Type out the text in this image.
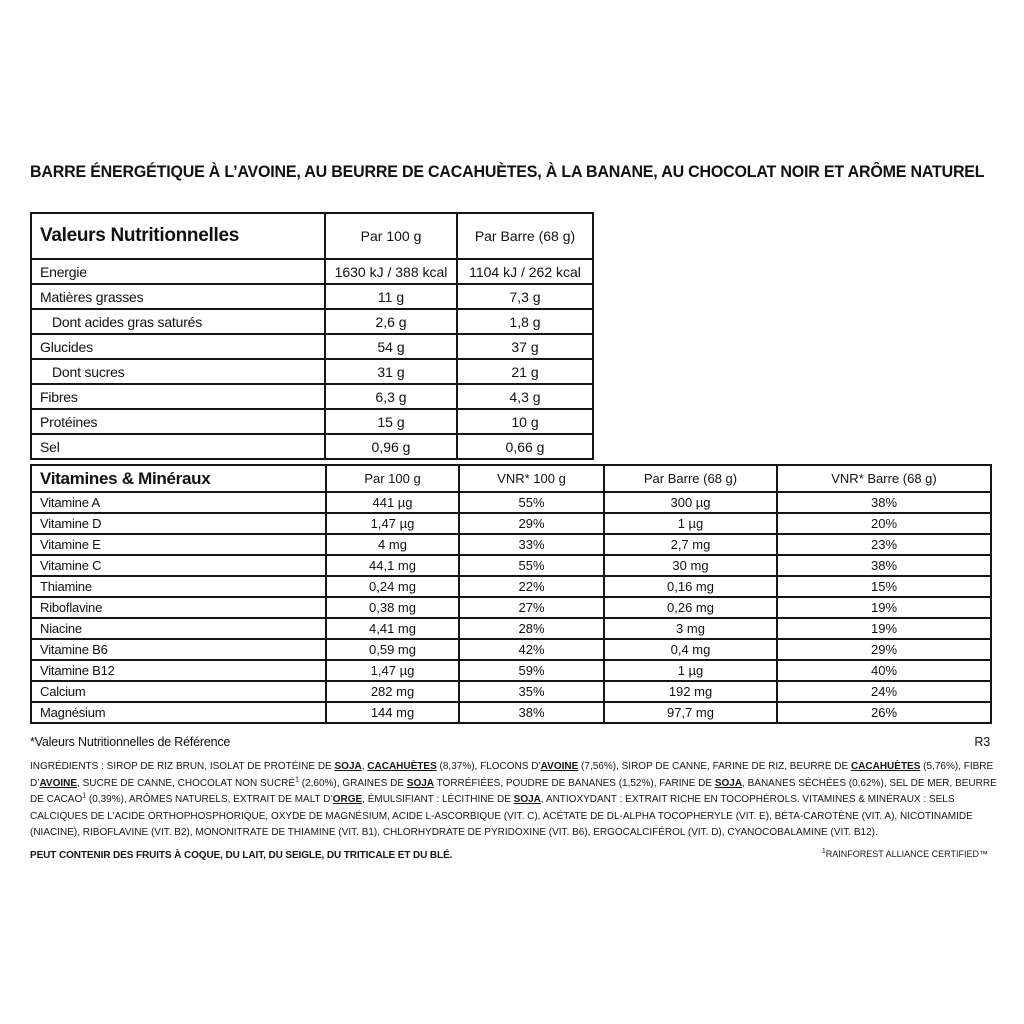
BARRE ÉNERGÉTIQUE À L’AVOINE, AU BEURRE DE CACAHUÈTES, À LA BANANE, AU CHOCOLAT NOIR ET ARÔME NATUREL
Valeurs Nutritionnelles	Par 100 g	Par Barre (68 g)
Energie	1630 kJ / 388 kcal	1104 kJ / 262 kcal
Matières grasses	11 g	7,3 g
Dont acides gras saturés	2,6 g	1,8 g
Glucides	54 g	37 g
Dont sucres	31 g	21 g
Fibres	6,3 g	4,3 g
Protéines	15 g	10 g
Sel	0,96 g	0,66 g
Vitamines & Minéraux	Par 100 g	VNR* 100 g	Par Barre (68 g)	VNR* Barre (68 g)
Vitamine A	441 µg	55%	300 µg	38%
Vitamine D	1,47 µg	29%	1 µg	20%
Vitamine E	4 mg	33%	2,7 mg	23%
Vitamine C	44,1 mg	55%	30 mg	38%
Thiamine	0,24 mg	22%	0,16 mg	15%
Riboflavine	0,38 mg	27%	0,26 mg	19%
Niacine	4,41 mg	28%	3 mg	19%
Vitamine B6	0,59 mg	42%	0,4 mg	29%
Vitamine B12	1,47 µg	59%	1 µg	40%
Calcium	282 mg	35%	192 mg	24%
Magnésium	144 mg	38%	97,7 mg	26%
*Valeurs Nutritionnelles de Référence	R3
INGRÉDIENTS : SIROP DE RIZ BRUN, ISOLAT DE PROTÉINE DE SOJA, CACAHUÈTES (8,37%), FLOCONS D’AVOINE (7,56%), SIROP DE CANNE, FARINE DE RIZ, BEURRE DE CACAHUÈTES (5,76%), FIBRE D’AVOINE, SUCRE DE CANNE, CHOCOLAT NON SUCRÉ$^1$ (2,60%), GRAINES DE SOJA TORRÉFIÉES, POUDRE DE BANANES (1,52%), FARINE DE SOJA, BANANES SÉCHÉES (0,62%), SEL DE MER, BEURRE DE CACAO$^1$ (0,39%), ARÔMES NATURELS, EXTRAIT DE MALT D’ORGE, ÉMULSIFIANT : LÉCITHINE DE SOJA, ANTIOXYDANT : EXTRAIT RICHE EN TOCOPHÉROLS. VITAMINES & MINÉRAUX : SELS CALCIQUES DE L’ACIDE ORTHOPHOSPHORIQUE, OXYDE DE MAGNÉSIUM, ACIDE L-ASCORBIQUE (VIT. C), ACÉTATE DE DL-ALPHA TOCOPHERYLE (VIT. E), BÉTA-CAROTÈNE (VIT. A), NICOTINAMIDE (NIACINE), RIBOFLAVINE (VIT. B2), MONONITRATE DE THIAMINE (VIT. B1), CHLORHYDRATE DE PYRIDOXINE (VIT. B6), ERGOCALCIFÉROL (VIT. D), CYANOCOBALAMINE (VIT. B12).
PEUT CONTENIR DES FRUITS À COQUE, DU LAIT, DU SEIGLE, DU TRITICALE ET DU BLÉ.	$^1$RAINFOREST ALLIANCE CERTIFIED™
